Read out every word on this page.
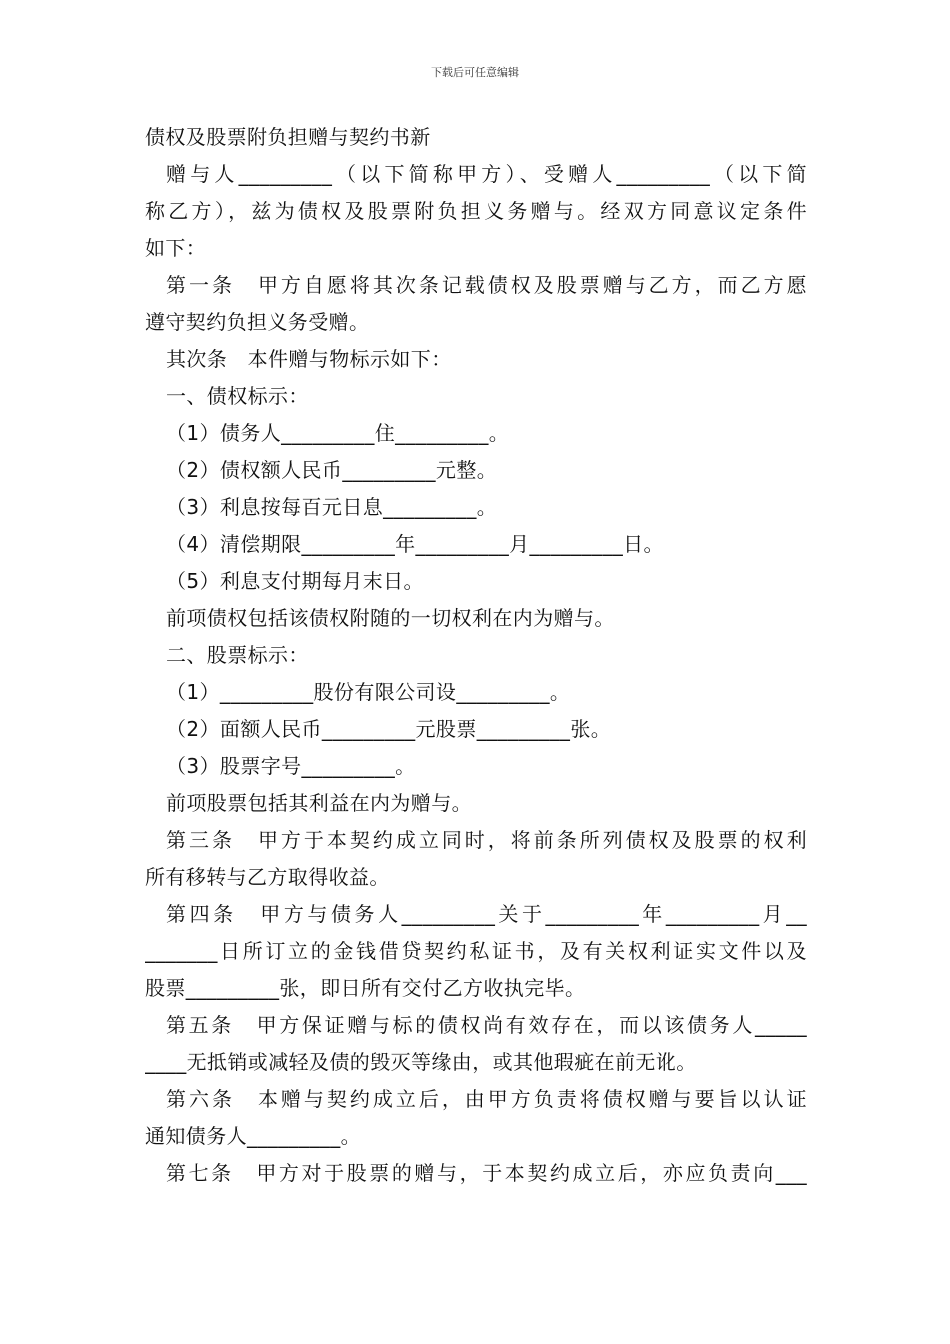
下载后可任意编辑
债权及股票附负担赠与契约书新
赠与人_________（以下简称甲方）、受赠人_________（以下简
称乙方），兹为债权及股票附负担义务赠与。经双方同意议定条件
如下：
第一条　甲方自愿将其次条记载债权及股票赠与乙方，而乙方愿
遵守契约负担义务受赠。
其次条　本件赠与物标示如下：
一、债权标示：
（1）债务人_________住_________。
（2）债权额人民币_________元整。
（3）利息按每百元日息_________。
（4）清偿期限_________年_________月_________日。
（5）利息支付期每月末日。
前项债权包括该债权附随的一切权利在内为赠与。
二、股票标示：
（1）_________股份有限公司设_________。
（2）面额人民币_________元股票_________张。
（3）股票字号_________。
前项股票包括其利益在内为赠与。
第三条　甲方于本契约成立同时，将前条所列债权及股票的权利
所有移转与乙方取得收益。
第四条　甲方与债务人_________关于_________年_________月__
_______日所订立的金钱借贷契约私证书，及有关权利证实文件以及
股票_________张，即日所有交付乙方收执完毕。
第五条　甲方保证赠与标的债权尚有效存在，而以该债务人_____
____无抵销或减轻及债的毁灭等缘由，或其他瑕疵在前无讹。
第六条　本赠与契约成立后，由甲方负责将债权赠与要旨以认证
通知债务人_________。
第七条　甲方对于股票的赠与，于本契约成立后，亦应负责向___
